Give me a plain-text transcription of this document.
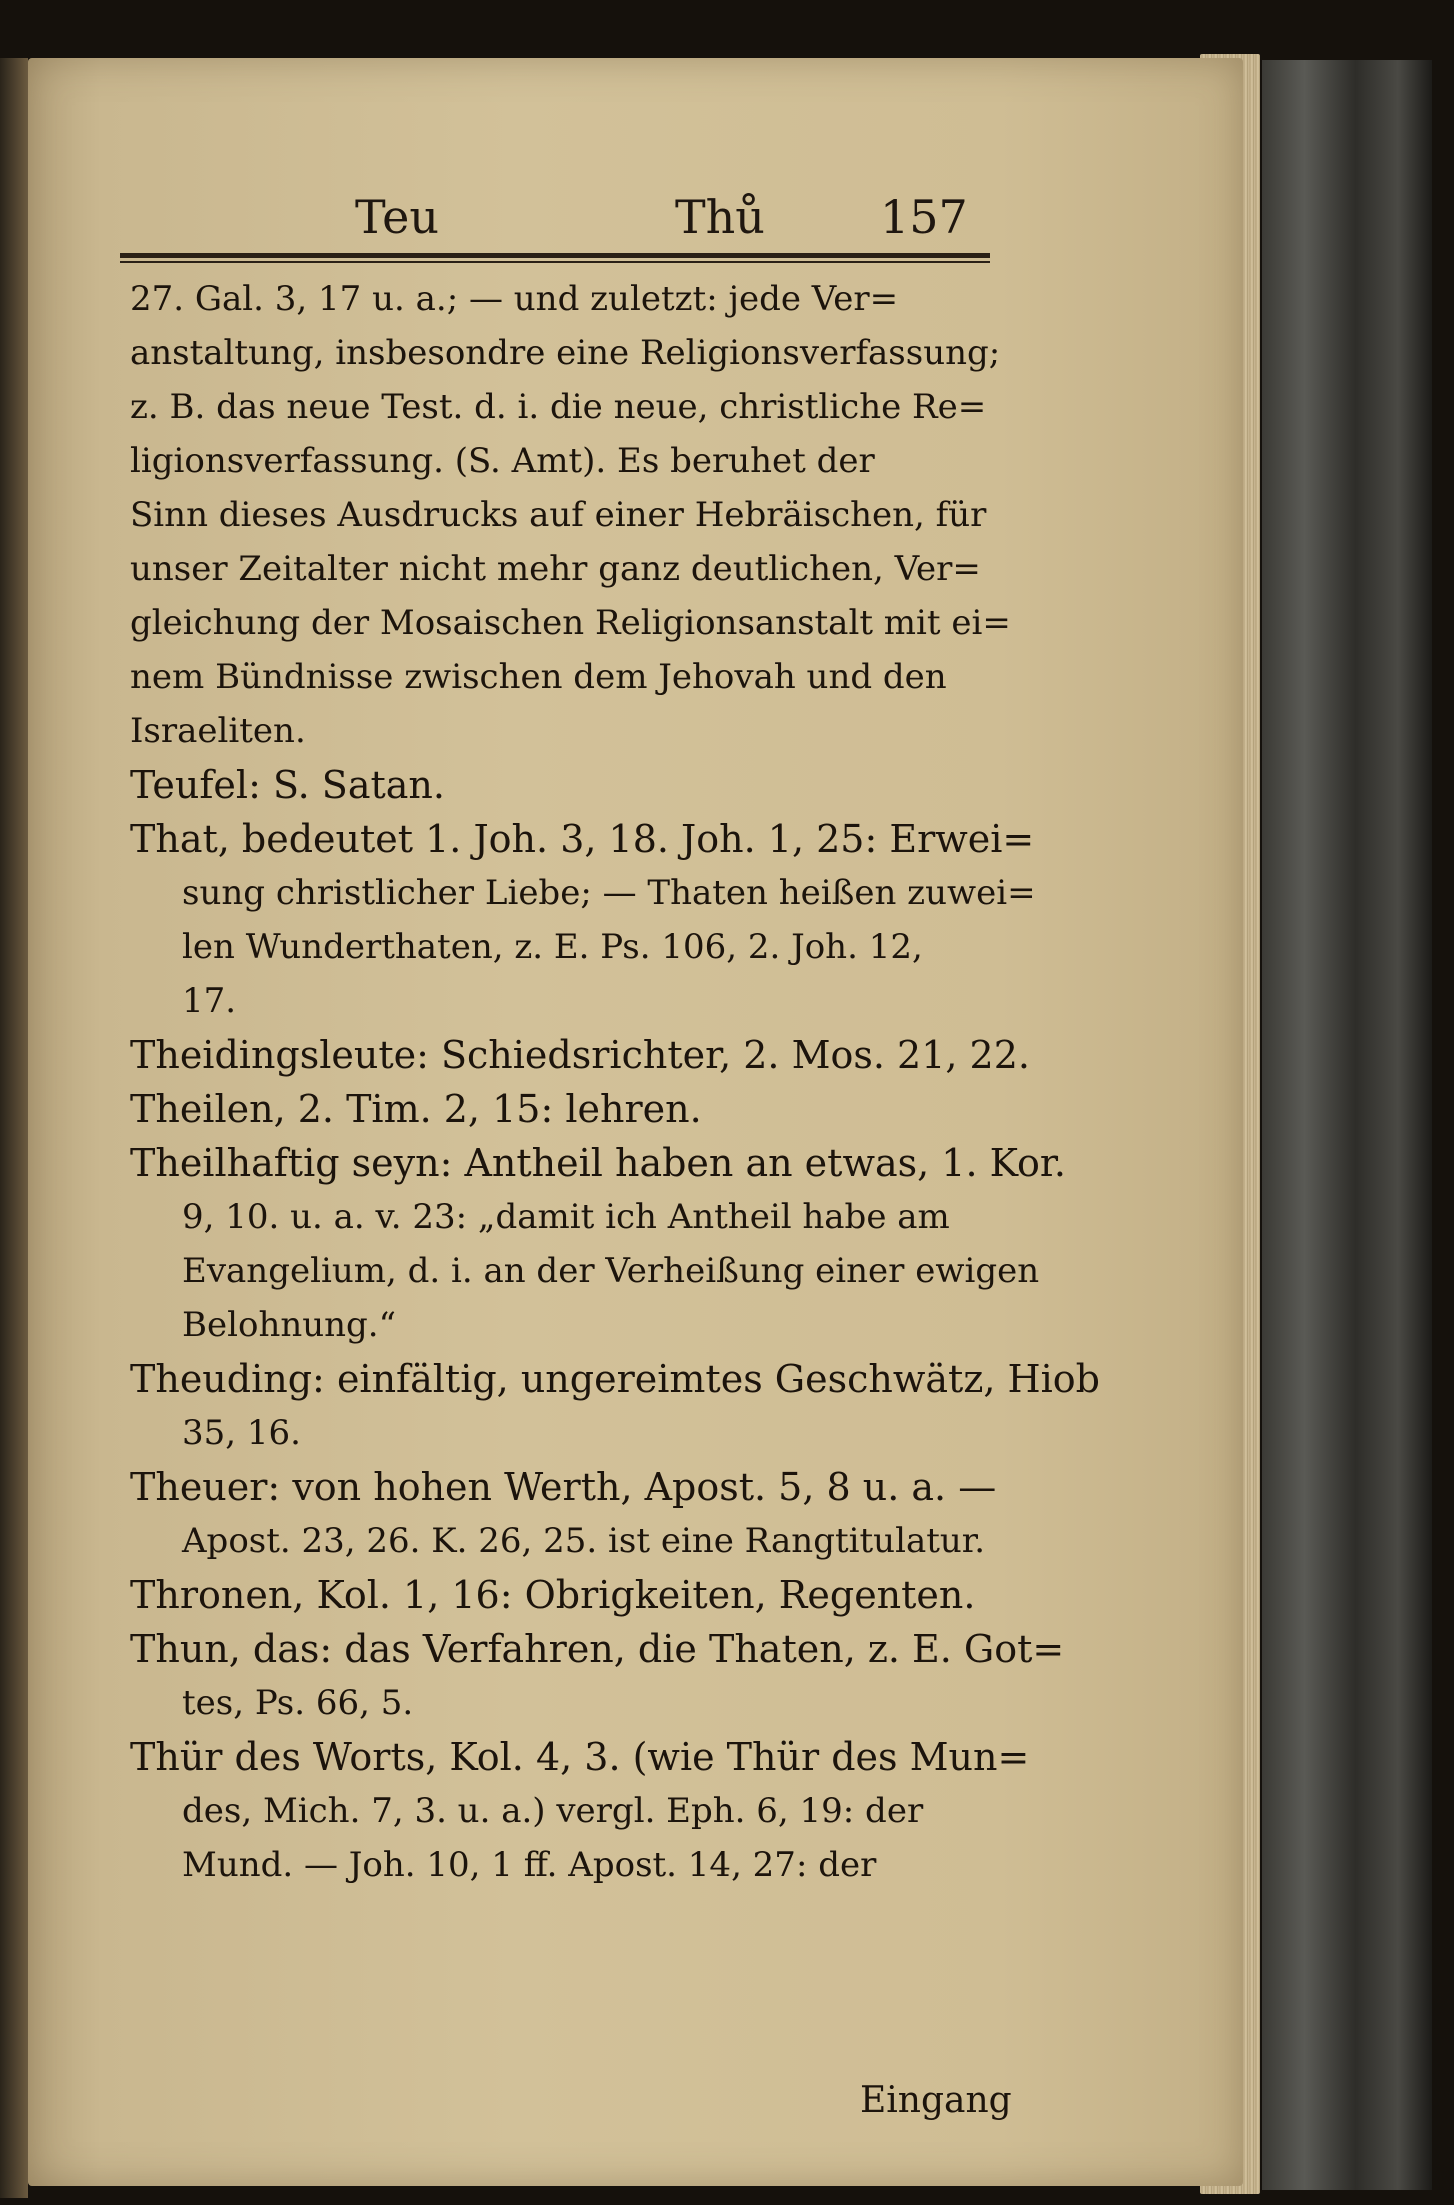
Teu	Thů	157
27. Gal. 3, 17 u. a.; — und zuletzt: jede Ver=
anstaltung, insbesondre eine Religionsverfassung;
z. B. das neue Test. d. i. die neue, christliche Re=
ligionsverfassung. (S. Amt). Es beruhet der
Sinn dieses Ausdrucks auf einer Hebräischen, für
unser Zeitalter nicht mehr ganz deutlichen, Ver=
gleichung der Mosaischen Religionsanstalt mit ei=
nem Bündnisse zwischen dem Jehovah und den
Israeliten.
Teufel: S. Satan.
That, bedeutet 1. Joh. 3, 18. Joh. 1, 25: Erwei=
sung christlicher Liebe; — Thaten heißen zuwei=
len Wunderthaten, z. E. Ps. 106, 2. Joh. 12,
17.
Theidingsleute: Schiedsrichter, 2. Mos. 21, 22.
Theilen, 2. Tim. 2, 15: lehren.
Theilhaftig seyn: Antheil haben an etwas, 1. Kor.
9, 10. u. a. v. 23: „damit ich Antheil habe am
Evangelium, d. i. an der Verheißung einer ewigen
Belohnung.“
Theuding: einfältig, ungereimtes Geschwätz, Hiob
35, 16.
Theuer: von hohen Werth, Apost. 5, 8 u. a. —
Apost. 23, 26. K. 26, 25. ist eine Rangtitulatur.
Thronen, Kol. 1, 16: Obrigkeiten, Regenten.
Thun, das: das Verfahren, die Thaten, z. E. Got=
tes, Ps. 66, 5.
Thür des Worts, Kol. 4, 3. (wie Thür des Mun=
des, Mich. 7, 3. u. a.) vergl. Eph. 6, 19: der
Mund. — Joh. 10, 1 ff. Apost. 14, 27: der
Eingang
